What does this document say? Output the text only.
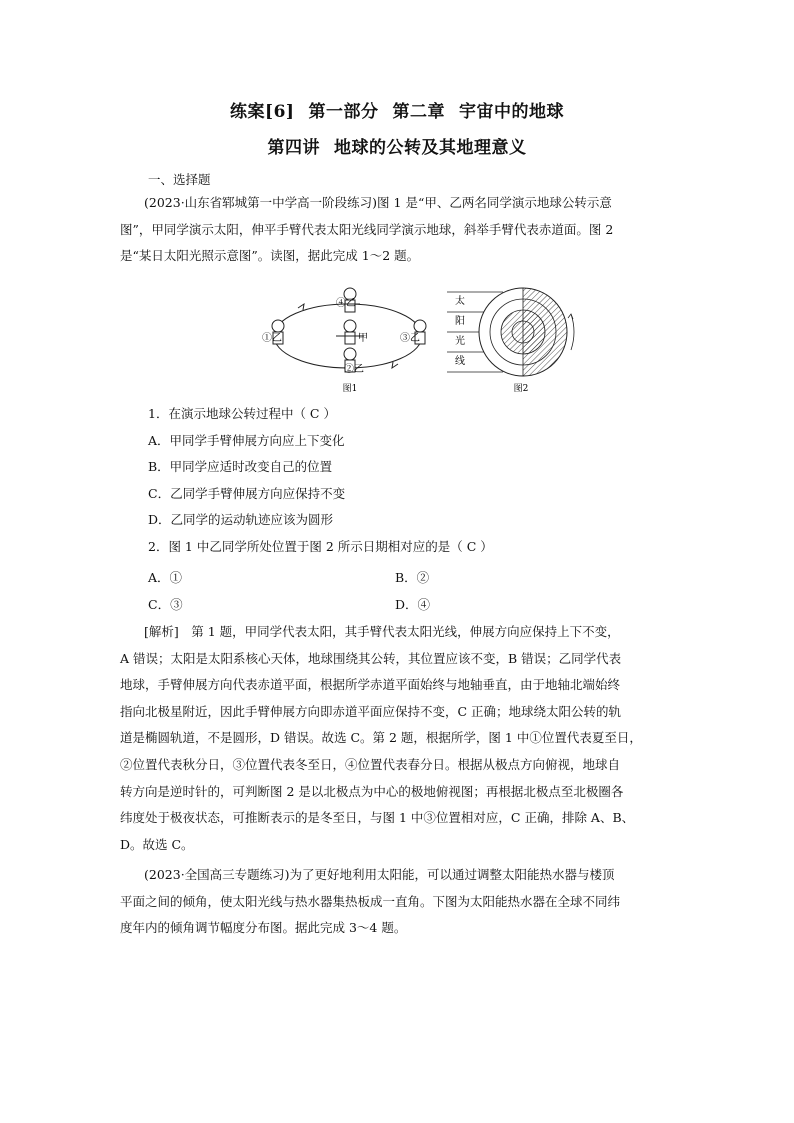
练案[6] 第一部分 第二章 宇宙中的地球
第四讲 地球的公转及其地理意义
一、选择题
(2023·山东省郓城第一中学高一阶段练习)图 1 是“甲、乙两名同学演示地球公转示意
图”，甲同学演示太阳，伸平手臂代表太阳光线同学演示地球，斜举手臂代表赤道面。图 2
是“某日太阳光照示意图”。读图，据此完成 1～2 题。
④乙
甲
①乙	③乙
②乙
图1
太
阳
光
线
图2
1．在演示地球公转过程中（ C ）
A．甲同学手臂伸展方向应上下变化
B．甲同学应适时改变自己的位置
C．乙同学手臂伸展方向应保持不变
D．乙同学的运动轨迹应该为圆形
2．图 1 中乙同学所处位置于图 2 所示日期相对应的是（ C ）
A．①	B．②
C．③	D．④
[解析]　第 1 题，甲同学代表太阳，其手臂代表太阳光线，伸展方向应保持上下不变，
A 错误；太阳是太阳系核心天体，地球围绕其公转，其位置应该不变，B 错误；乙同学代表
地球，手臂伸展方向代表赤道平面，根据所学赤道平面始终与地轴垂直，由于地轴北端始终
指向北极星附近，因此手臂伸展方向即赤道平面应保持不变，C 正确；地球绕太阳公转的轨
道是椭圆轨道，不是圆形，D 错误。故选 C。第 2 题，根据所学，图 1 中①位置代表夏至日，
②位置代表秋分日，③位置代表冬至日，④位置代表春分日。根据从极点方向俯视，地球自
转方向是逆时针的，可判断图 2 是以北极点为中心的极地俯视图；再根据北极点至北极圈各
纬度处于极夜状态，可推断表示的是冬至日，与图 1 中③位置相对应，C 正确，排除 A、B、
D。故选 C。
(2023·全国高三专题练习)为了更好地利用太阳能，可以通过调整太阳能热水器与楼顶
平面之间的倾角，使太阳光线与热水器集热板成一直角。下图为太阳能热水器在全球不同纬
度年内的倾角调节幅度分布图。据此完成 3～4 题。
